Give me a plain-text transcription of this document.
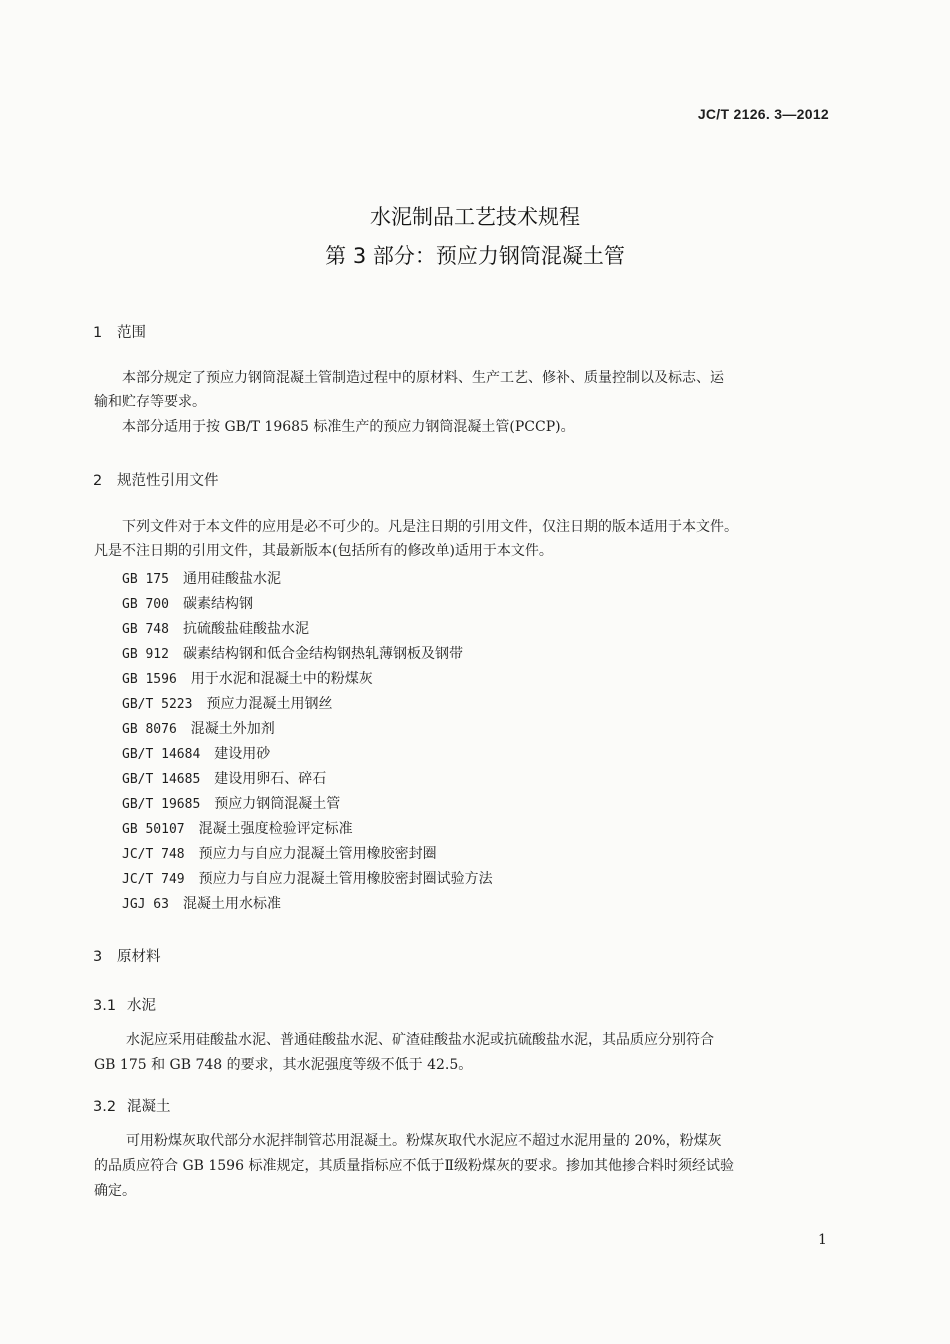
JC/T 2126. 3—2012
水泥制品工艺技术规程
第 3 部分：预应力钢筒混凝土管
1 范围
本部分规定了预应力钢筒混凝土管制造过程中的原材料、生产工艺、修补、质量控制以及标志、运
输和贮存等要求。
本部分适用于按 GB/T 19685 标准生产的预应力钢筒混凝土管(PCCP)。
2 规范性引用文件
下列文件对于本文件的应用是必不可少的。凡是注日期的引用文件，仅注日期的版本适用于本文件。
凡是不注日期的引用文件，其最新版本(包括所有的修改单)适用于本文件。
GB 175 通用硅酸盐水泥
GB 700 碳素结构钢
GB 748 抗硫酸盐硅酸盐水泥
GB 912 碳素结构钢和低合金结构钢热轧薄钢板及钢带
GB 1596 用于水泥和混凝土中的粉煤灰
GB/T 5223 预应力混凝土用钢丝
GB 8076 混凝土外加剂
GB/T 14684 建设用砂
GB/T 14685 建设用卵石、碎石
GB/T 19685 预应力钢筒混凝土管
GB 50107 混凝土强度检验评定标准
JC/T 748 预应力与自应力混凝土管用橡胶密封圈
JC/T 749 预应力与自应力混凝土管用橡胶密封圈试验方法
JGJ 63 混凝土用水标准
3 原材料
3.1 水泥
水泥应采用硅酸盐水泥、普通硅酸盐水泥、矿渣硅酸盐水泥或抗硫酸盐水泥，其品质应分别符合
GB 175 和 GB 748 的要求，其水泥强度等级不低于 42.5。
3.2 混凝土
可用粉煤灰取代部分水泥拌制管芯用混凝土。粉煤灰取代水泥应不超过水泥用量的 20%，粉煤灰
的品质应符合 GB 1596 标准规定，其质量指标应不低于Ⅱ级粉煤灰的要求。掺加其他掺合料时须经试验
确定。
1
